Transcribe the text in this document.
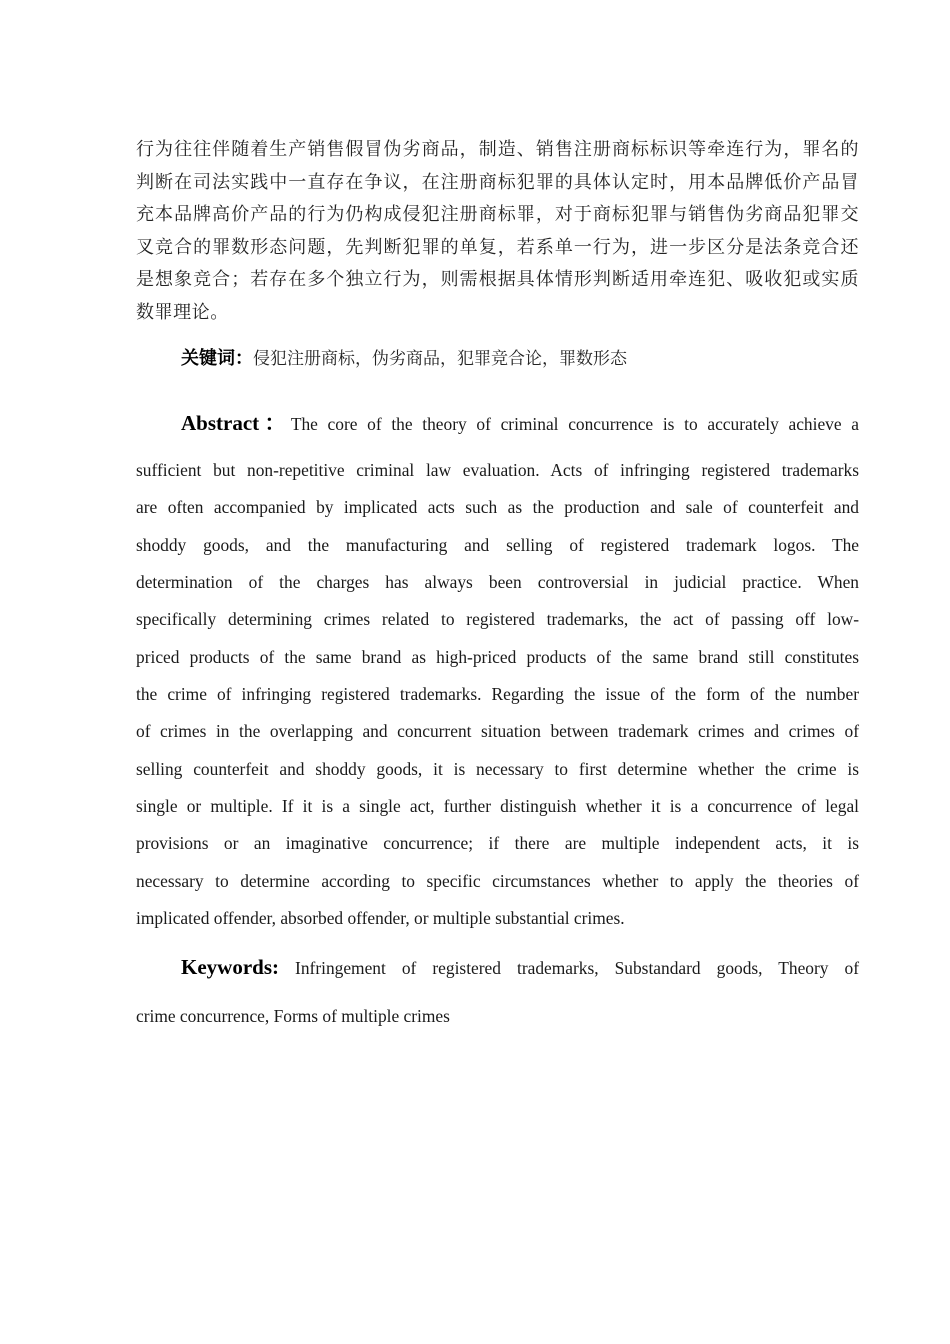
行为往往伴随着生产销售假冒伪劣商品，制造、销售注册商标标识等牵连行为，罪名的判断在司法实践中一直存在争议，在注册商标犯罪的具体认定时，用本品牌低价产品冒充本品牌高价产品的行为仍构成侵犯注册商标罪，对于商标犯罪与销售伪劣商品犯罪交叉竞合的罪数形态问题，先判断犯罪的单复，若系单一行为，进一步区分是法条竞合还是想象竞合；若存在多个独立行为，则需根据具体情形判断适用牵连犯、吸收犯或实质数罪理论。
关键词：侵犯注册商标，伪劣商品，犯罪竞合论，罪数形态
Abstract：The core of the theory of criminal concurrence is to accurately achieve a
sufficient but non-repetitive criminal law evaluation. Acts of infringing registered trademarks
are often accompanied by implicated acts such as the production and sale of counterfeit and
shoddy goods, and the manufacturing and selling of registered trademark logos. The
determination of the charges has always been controversial in judicial practice. When
specifically determining crimes related to registered trademarks, the act of passing off low-
priced products of the same brand as high-priced products of the same brand still constitutes
the crime of infringing registered trademarks. Regarding the issue of the form of the number
of crimes in the overlapping and concurrent situation between trademark crimes and crimes of
selling counterfeit and shoddy goods, it is necessary to first determine whether the crime is
single or multiple. If it is a single act, further distinguish whether it is a concurrence of legal
provisions or an imaginative concurrence; if there are multiple independent acts, it is
necessary to determine according to specific circumstances whether to apply the theories of
implicated offender, absorbed offender, or multiple substantial crimes.
Keywords: Infringement of registered trademarks, Substandard goods, Theory of
crime concurrence, Forms of multiple crimes
